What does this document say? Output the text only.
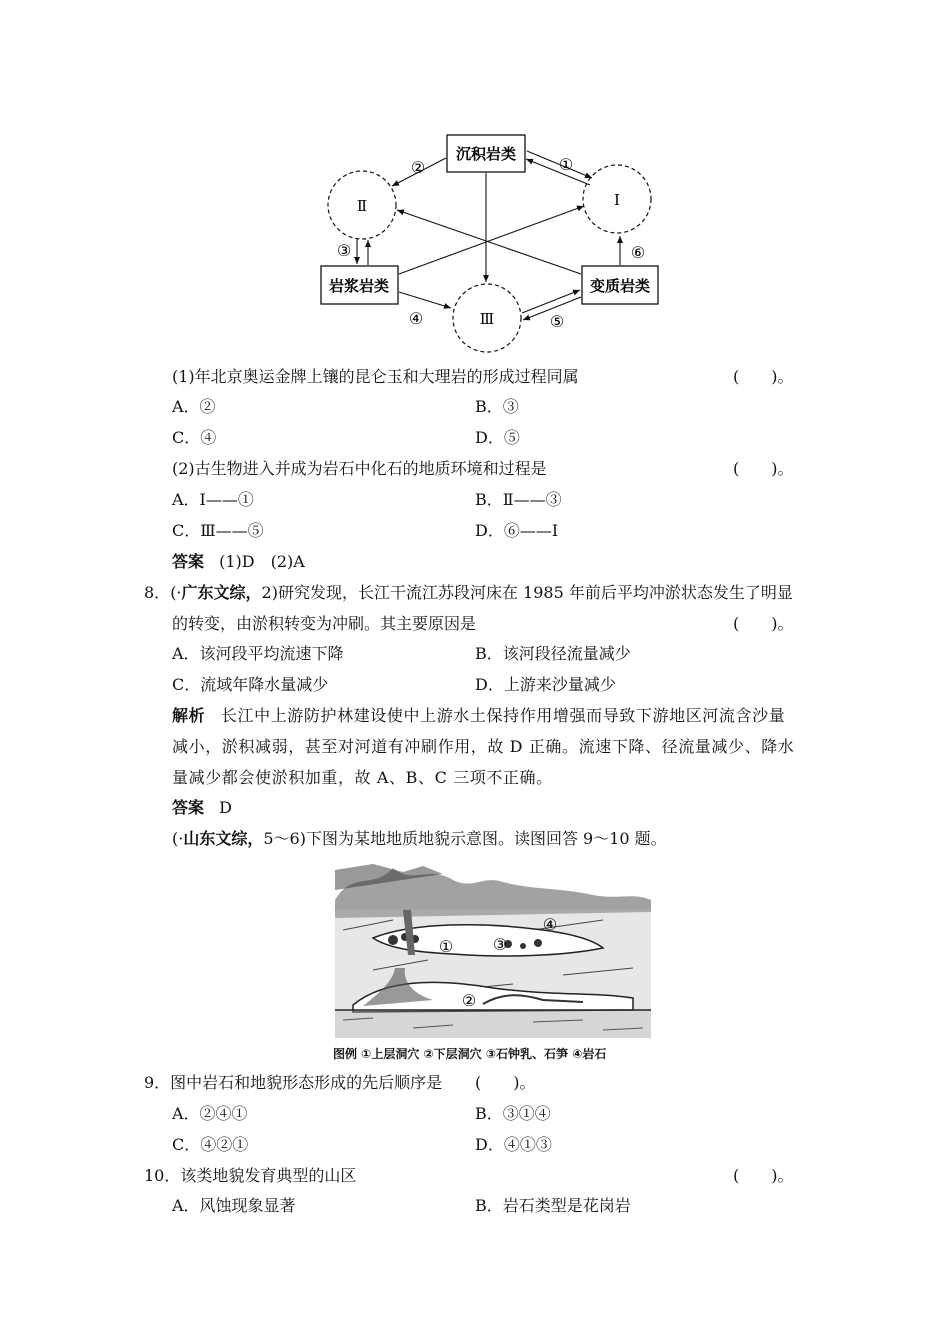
沉积岩类
岩浆岩类	变质岩类
Ⅱ	Ⅰ
Ⅲ
①
②
③
④	⑤
⑥
(1)年北京奥运金牌上镶的昆仑玉和大理岩的形成过程同属	(　　)。
A．②	B．③
C．④	D．⑤
(2)古生物进入并成为岩石中化石的地质环境和过程是	(　　)。
A．Ⅰ——①	B．Ⅱ——③
C．Ⅲ——⑤	D．⑥——Ⅰ
答案 (1)D　(2)A
8．(·广东文综，2)研究发现，长江干流江苏段河床在 1985 年前后平均冲淤状态发生了明显
的转变，由淤积转变为冲刷。其主要原因是	(　　)。
A．该河段平均流速下降	B．该河段径流量减少
C．流域年降水量减少	D．上游来沙量减少
解析 长江中上游防护林建设使中上游水土保持作用增强而导致下游地区河流含沙量
减小，淤积减弱，甚至对河道有冲刷作用，故 D 正确。流速下降、径流量减少、降水
量减少都会使淤积加重，故 A、B、C 三项不正确。
答案 D
(·山东文综，5～6)下图为某地地质地貌示意图。读图回答 9～10 题。
①
②
③
④
图例 ①上层洞穴 ②下层洞穴 ③石钟乳、石笋 ④岩石
9．图中岩石和地貌形态形成的先后顺序是 (　　)。
A．②④①	B．③①④
C．④②①	D．④①③
10．该类地貌发育典型的山区	(　　)。
A．风蚀现象显著	B．岩石类型是花岗岩
